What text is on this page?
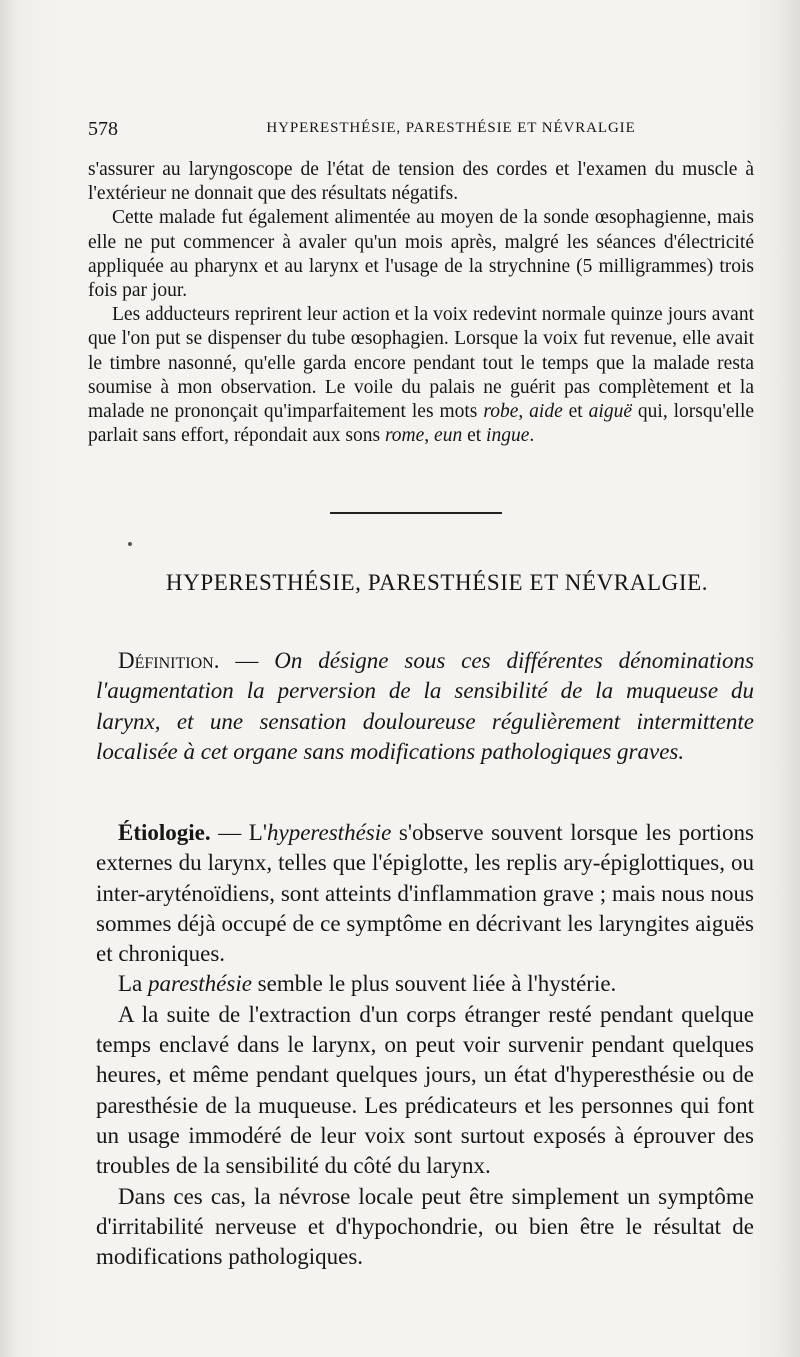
578	HYPERESTHÉSIE, PARESTHÉSIE ET NÉVRALGIE

s'assurer au laryngoscope de l'état de tension des cordes et l'examen du muscle à l'extérieur ne donnait que des résultats négatifs.

Cette malade fut également alimentée au moyen de la sonde œsophagienne, mais elle ne put commencer à avaler qu'un mois après, malgré les séances d'électricité appliquée au pharynx et au larynx et l'usage de la strychnine (5 milligrammes) trois fois par jour.

Les adducteurs reprirent leur action et la voix redevint normale quinze jours avant que l'on put se dispenser du tube œsophagien. Lorsque la voix fut revenue, elle avait le timbre nasonné, qu'elle garda encore pendant tout le temps que la malade resta soumise à mon observation. Le voile du palais ne guérit pas complètement et la malade ne prononçait qu'imparfaitement les mots robe, aide et aiguë qui, lorsqu'elle parlait sans effort, répondait aux sons rome, eun et ingue.

HYPERESTHÉSIE, PARESTHÉSIE ET NÉVRALGIE.

Définition. — On désigne sous ces différentes dénominations l'augmentation la perversion de la sensibilité de la muqueuse du larynx, et une sensation douloureuse régulièrement intermittente localisée à cet organe sans modifications pathologiques graves.

Étiologie. — L'hyperesthésie s'observe souvent lorsque les portions externes du larynx, telles que l'épiglotte, les replis ary-épiglottiques, ou inter-aryténoïdiens, sont atteints d'inflammation grave ; mais nous nous sommes déjà occupé de ce symptôme en décrivant les laryngites aiguës et chroniques.

La paresthésie semble le plus souvent liée à l'hystérie.

A la suite de l'extraction d'un corps étranger resté pendant quelque temps enclavé dans le larynx, on peut voir survenir pendant quelques heures, et même pendant quelques jours, un état d'hyperesthésie ou de paresthésie de la muqueuse. Les prédicateurs et les personnes qui font un usage immodéré de leur voix sont surtout exposés à éprouver des troubles de la sensibilité du côté du larynx.

Dans ces cas, la névrose locale peut être simplement un symptôme d'irritabilité nerveuse et d'hypochondrie, ou bien être le résultat de modifications pathologiques.
